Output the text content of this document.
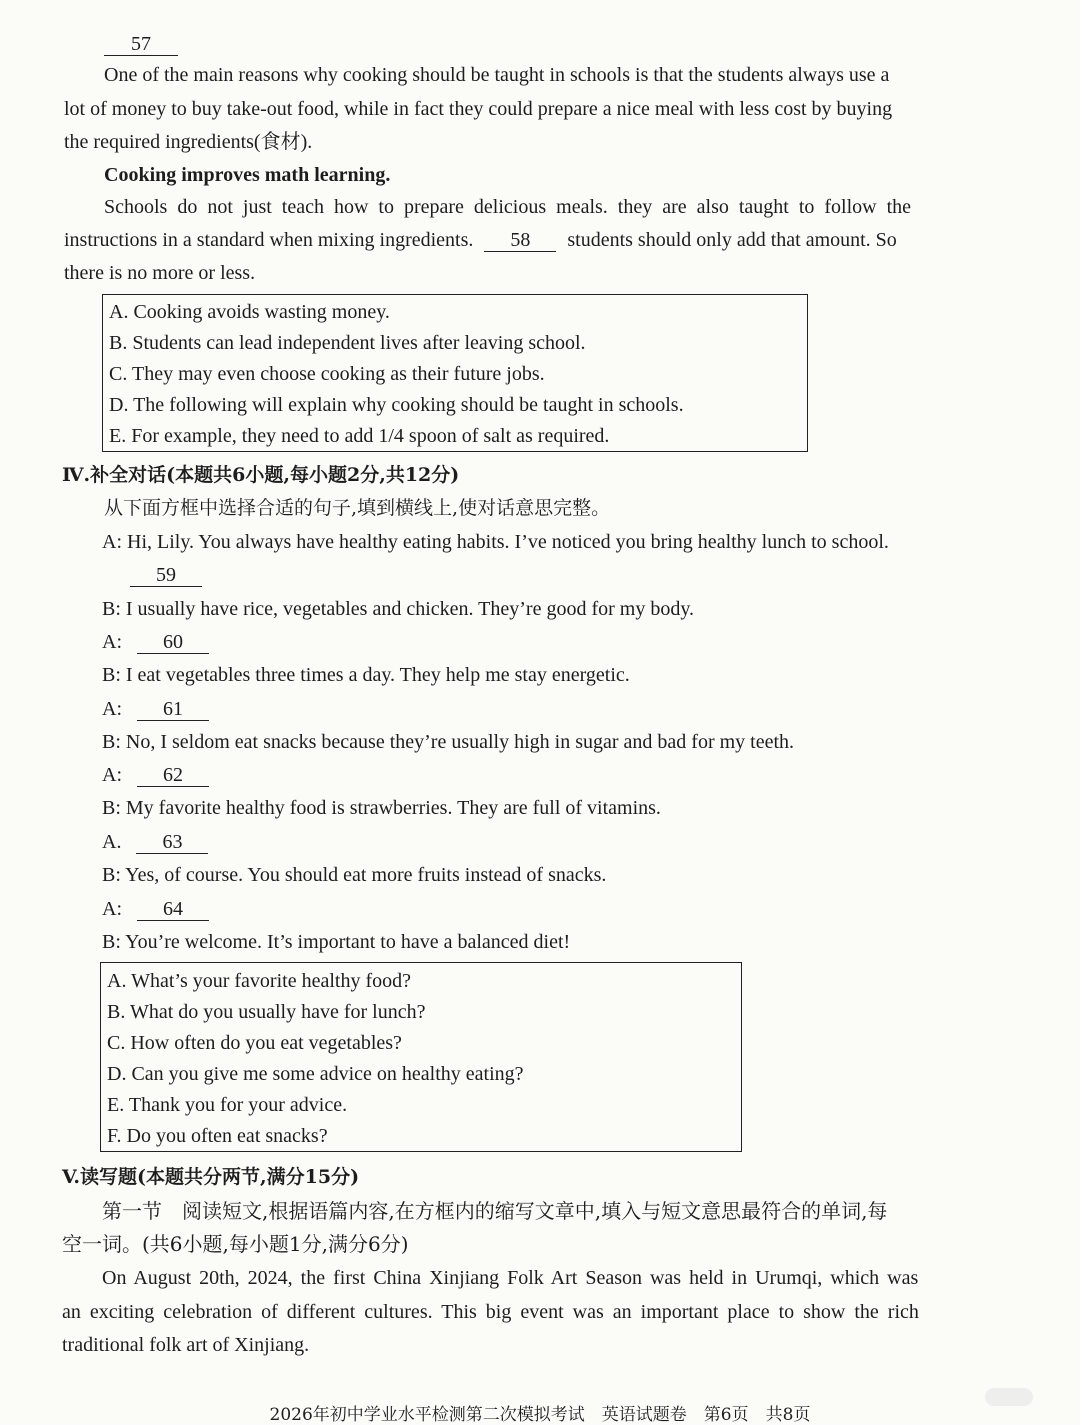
57
One of the main reasons why cooking should be taught in schools is that the students always use a
lot of money to buy take-out food, while in fact they could prepare a nice meal with less cost by buying
the required ingredients(食材).
Cooking improves math learning.
Schools do not just teach how to prepare delicious meals. they are also taught to follow the
instructions in a standard when mixing ingredients. 58 students should only add that amount. So
there is no more or less.
A. Cooking avoids wasting money.
B. Students can lead independent lives after leaving school.
C. They may even choose cooking as their future jobs.
D. The following will explain why cooking should be taught in schools.
E. For example, they need to add 1/4 spoon of salt as required.
Ⅳ.补全对话(本题共6小题,每小题2分,共12分)
从下面方框中选择合适的句子,填到横线上,使对话意思完整。
A: Hi, Lily. You always have healthy eating habits. I’ve noticed you bring healthy lunch to school.
59
B: I usually have rice, vegetables and chicken. They’re good for my body.
A: 60
B: I eat vegetables three times a day. They help me stay energetic.
A: 61
B: No, I seldom eat snacks because they’re usually high in sugar and bad for my teeth.
A: 62
B: My favorite healthy food is strawberries. They are full of vitamins.
A. 63
B: Yes, of course. You should eat more fruits instead of snacks.
A: 64
B: You’re welcome. It’s important to have a balanced diet!
A. What’s your favorite healthy food?
B. What do you usually have for lunch?
C. How often do you eat vegetables?
D. Can you give me some advice on healthy eating?
E. Thank you for your advice.
F. Do you often eat snacks?
V.读写题(本题共分两节,满分15分)
第一节　阅读短文,根据语篇内容,在方框内的缩写文章中,填入与短文意思最符合的单词,每
空一词。(共6小题,每小题1分,满分6分)
On August 20th, 2024, the first China Xinjiang Folk Art Season was held in Urumqi, which was
an exciting celebration of different cultures. This big event was an important place to show the rich
traditional folk art of Xinjiang.
2026年初中学业水平检测第二次模拟考试　英语试题卷　第6页　共8页
